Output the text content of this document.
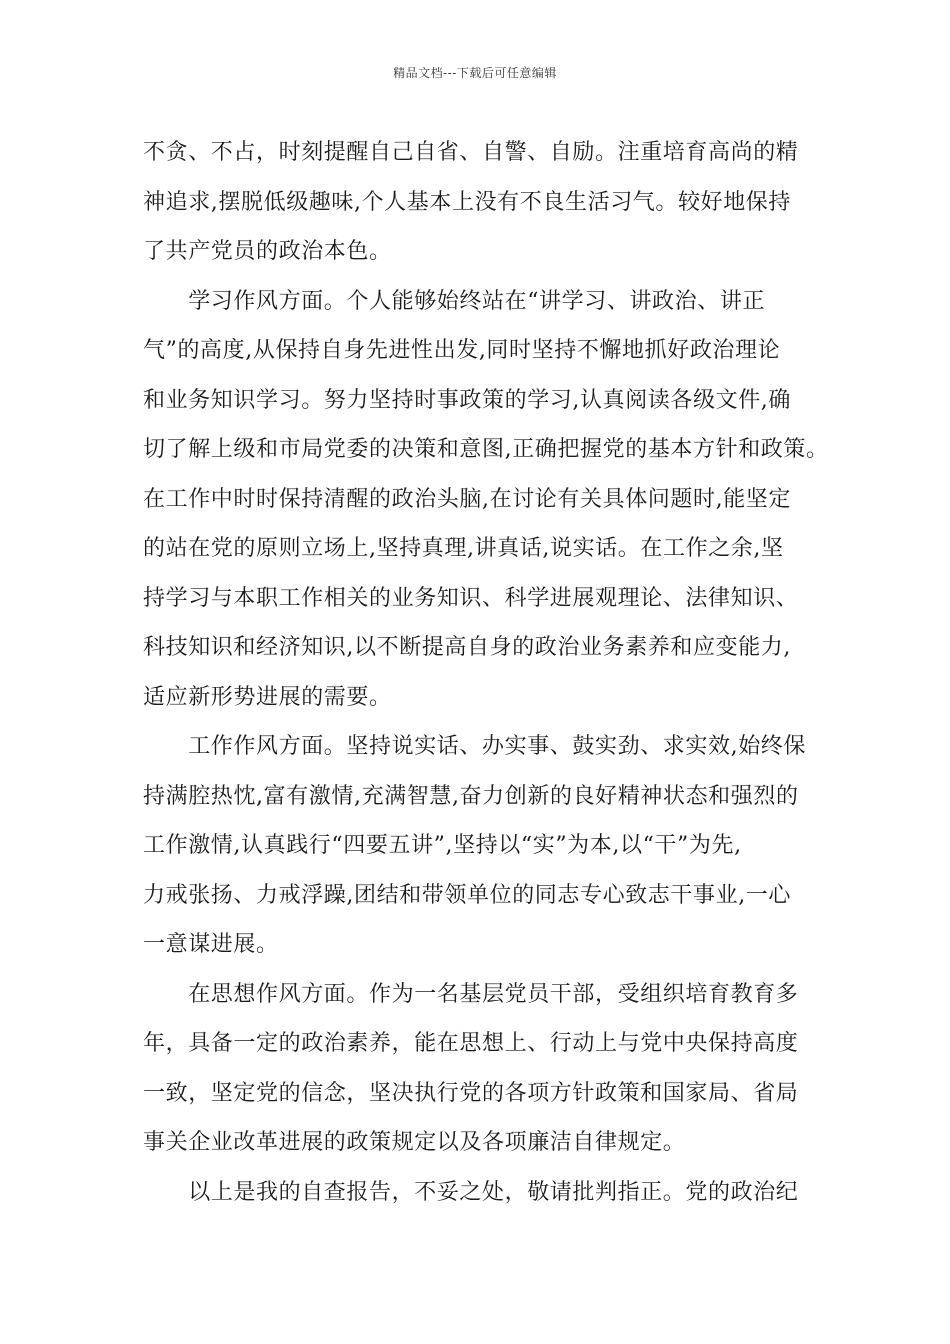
精品文档---下载后可任意编辑
不贪、不占，时刻提醒自己自省、自警、自励。注重培育高尚的精
神追求,摆脱低级趣味,个人基本上没有不良生活习气。较好地保持
了共产党员的政治本色。
　　学习作风方面。个人能够始终站在“讲学习、讲政治、讲正
气”的高度,从保持自身先进性出发,同时坚持不懈地抓好政治理论
和业务知识学习。努力坚持时事政策的学习,认真阅读各级文件,确
切了解上级和市局党委的决策和意图,正确把握党的基本方针和政策。
在工作中时时保持清醒的政治头脑,在讨论有关具体问题时,能坚定
的站在党的原则立场上,坚持真理,讲真话,说实话。在工作之余,坚
持学习与本职工作相关的业务知识、科学进展观理论、法律知识、
科技知识和经济知识,以不断提高自身的政治业务素养和应变能力,
适应新形势进展的需要。
　　工作作风方面。坚持说实话、办实事、鼓实劲、求实效,始终保
持满腔热忱,富有激情,充满智慧,奋力创新的良好精神状态和强烈的
工作激情,认真践行“四要五讲”,坚持以“实”为本,以“干”为先,
力戒张扬、力戒浮躁,团结和带领单位的同志专心致志干事业,一心
一意谋进展。
　　在思想作风方面。作为一名基层党员干部，受组织培育教育多
年，具备一定的政治素养，能在思想上、行动上与党中央保持高度
一致，坚定党的信念，坚决执行党的各项方针政策和国家局、省局
事关企业改革进展的政策规定以及各项廉洁自律规定。
　　以上是我的自查报告，不妥之处，敬请批判指正。党的政治纪
